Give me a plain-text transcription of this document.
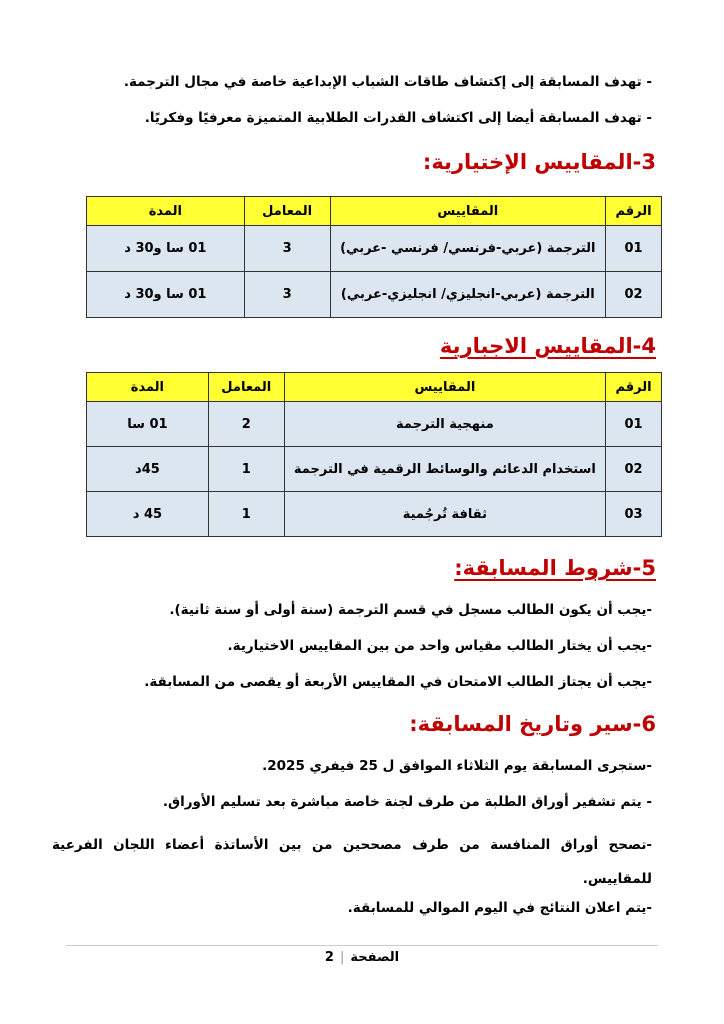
- تهدف المسابقة إلى إكتشاف طاقات الشباب الإبداعية خاصة في مجال الترجمة.
- تهدف المسابقة أيضا إلى اكتشاف القدرات الطلابية المتميزة معرفيًا وفكريًا.
3-المقاييس الإختيارية:
الرقم	المقاييس	المعامل	المدة
01	الترجمة (عربي-فرنسي/ فرنسي -عربي)	3	01 سا و30 د
02	الترجمة (عربي-انجليزي/ انجليزي-عربي)	3	01 سا و30 د
4-المقاييس الاجبارية
الرقم	المقاييس	المعامل	المدة
01	منهجية الترجمة	2	01 سا
02	استخدام الدعائم والوسائط الرقمية في الترجمة	1	45د
03	ثقافة تُرجُمية	1	45 د
5-شروط المسابقة:
-يجب أن يكون الطالب مسجل في قسم الترجمة (سنة أولى أو سنة ثانية).
-يجب أن يختار الطالب مقياس واحد من بين المقاييس الاختيارية.
-يجب أن يجتاز الطالب الامتحان في المقاييس الأربعة أو يقصى من المسابقة.
6-سير وتاريخ المسابقة:
-ستجرى المسابقة يوم الثلاثاء الموافق ل 25 فيفري 2025.
- يتم تشفير أوراق الطلبة من طرف لجنة خاصة مباشرة بعد تسليم الأوراق.
-تصحح أوراق المنافسة من طرف مصححين من بين الأساتذة أعضاء اللجان الفرعية للمقاييس.
-يتم اعلان النتائج في اليوم الموالي للمسابقة.
الصفحة|2
